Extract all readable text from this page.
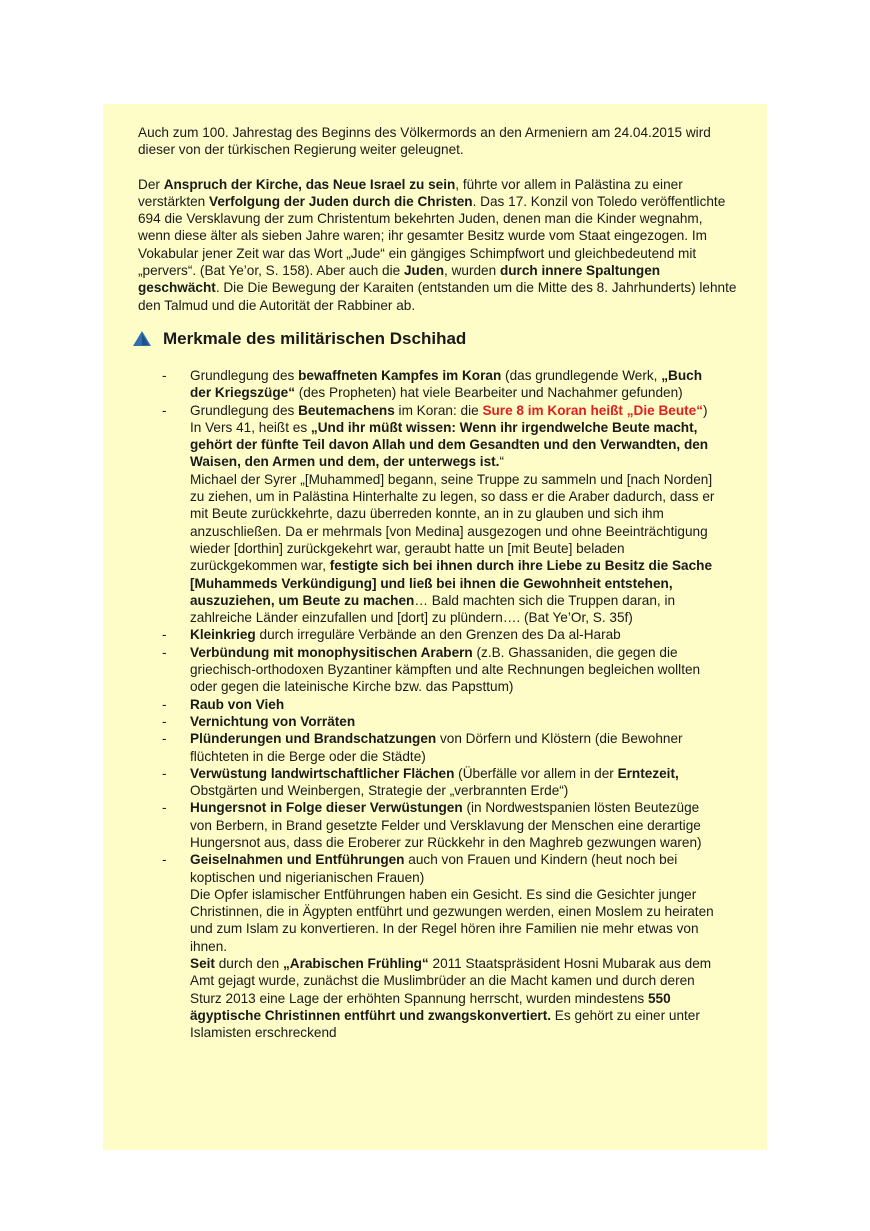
Auch zum 100. Jahrestag des Beginns des Völkermords an den Armeniern am 24.04.2015 wird dieser von der türkischen Regierung weiter geleugnet.

Der Anspruch der Kirche, das Neue Israel zu sein, führte vor allem in Palästina zu einer verstärkten Verfolgung der Juden durch die Christen. Das 17. Konzil von Toledo veröffentlichte 694 die Versklavung der zum Christentum bekehrten Juden, denen man die Kinder wegnahm, wenn diese älter als sieben Jahre waren; ihr gesamter Besitz wurde vom Staat eingezogen. Im Vokabular jener Zeit war das Wort „Jude“ ein gängiges Schimpfwort und gleichbedeutend mit „pervers“. (Bat Ye’or, S. 158). Aber auch die Juden, wurden durch innere Spaltungen geschwächt. Die Die Bewegung der Karaiten (entstanden um die Mitte des 8. Jahrhunderts) lehnte den Talmud und die Autorität der Rabbiner ab.

Merkmale des militärischen Dschihad
- Grundlegung des bewaffneten Kampfes im Koran (das grundlegende Werk, „Buch der Kriegszüge“ (des Propheten) hat viele Bearbeiter und Nachahmer gefunden)
- Grundlegung des Beutemachens im Koran: die Sure 8 im Koran heißt „Die Beute“)
In Vers 41, heißt es „Und ihr müßt wissen: Wenn ihr irgendwelche Beute macht, gehört der fünfte Teil davon Allah und dem Gesandten und den Verwandten, den Waisen, den Armen und dem, der unterwegs ist.“
Michael der Syrer „[Muhammed] begann, seine Truppe zu sammeln und [nach Norden] zu ziehen, um in Palästina Hinterhalte zu legen, so dass er die Araber dadurch, dass er mit Beute zurückkehrte, dazu überreden konnte, an in zu glauben und sich ihm anzuschließen. Da er mehrmals [von Medina] ausgezogen und ohne Beeinträchtigung wieder [dorthin] zurückgekehrt war, geraubt hatte un [mit Beute] beladen zurückgekommen war, festigte sich bei ihnen durch ihre Liebe zu Besitz die Sache [Muhammeds Verkündigung] und ließ bei ihnen die Gewohnheit entstehen, auszuziehen, um Beute zu machen… Bald machten sich die Truppen daran, in zahlreiche Länder einzufallen und [dort] zu plündern…. (Bat Ye’Or, S. 35f)
- Kleinkrieg durch irreguläre Verbände an den Grenzen des Da al-Harab
- Verbündung mit monophysitischen Arabern (z.B. Ghassaniden, die gegen die griechisch-orthodoxen Byzantiner kämpften und alte Rechnungen begleichen wollten oder gegen die lateinische Kirche bzw. das Papsttum)
- Raub von Vieh
- Vernichtung von Vorräten
- Plünderungen und Brandschatzungen von Dörfern und Klöstern (die Bewohner flüchteten in die Berge oder die Städte)
- Verwüstung landwirtschaftlicher Flächen (Überfälle vor allem in der Erntezeit, Obstgärten und Weinbergen, Strategie der „verbrannten Erde“)
- Hungersnot in Folge dieser Verwüstungen (in Nordwestspanien lösten Beutezüge von Berbern, in Brand gesetzte Felder und Versklavung der Menschen eine derartige Hungersnot aus, dass die Eroberer zur Rückkehr in den Maghreb gezwungen waren)
- Geiselnahmen und Entführungen auch von Frauen und Kindern (heut noch bei koptischen und nigerianischen Frauen)
Die Opfer islamischer Entführungen haben ein Gesicht. Es sind die Gesichter junger Christinnen, die in Ägypten entführt und gezwungen werden, einen Moslem zu heiraten und zum Islam zu konvertieren. In der Regel hören ihre Familien nie mehr etwas von ihnen.
Seit durch den „Arabischen Frühling“ 2011 Staatspräsident Hosni Mubarak aus dem Amt gejagt wurde, zunächst die Muslimbrüder an die Macht kamen und durch deren Sturz 2013 eine Lage der erhöhten Spannung herrscht, wurden mindestens 550 ägyptische Christinnen entführt und zwangskonvertiert. Es gehört zu einer unter Islamisten erschreckend
